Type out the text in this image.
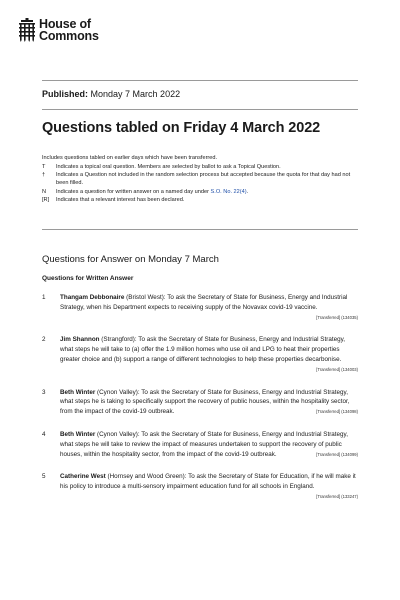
House of
Commons
Published: Monday 7 March 2022
Questions tabled on Friday 4 March 2022
Includes questions tabled on earlier days which have been transferred.
T	Indicates a topical oral question. Members are selected by ballot to ask a Topical Question.
†	Indicates a Question not included in the random selection process but accepted because the quota for that day had not been filled.
N	Indicates a question for written answer on a named day under S.O. No. 22(4).
[R]	Indicates that a relevant interest has been declared.
Questions for Answer on Monday 7 March
Questions for Written Answer
1	Thangam Debbonaire (Bristol West): To ask the Secretary of State for Business, Energy and Industrial Strategy, when his Department expects to receiving supply of the Novavax covid-19 vaccine.
[Transferred] (134035)
2	Jim Shannon (Strangford): To ask the Secretary of State for Business, Energy and Industrial Strategy, what steps he will take to (a) offer the 1.9 million homes who use oil and LPG to heat their properties greater choice and (b) support a range of different technologies to help these properties decarbonise.
[Transferred] (134003)
3	Beth Winter (Cynon Valley): To ask the Secretary of State for Business, Energy and Industrial Strategy, what steps he is taking to specifically support the recovery of public houses, within the hospitality sector, from the impact of the covid-19 outbreak.	[Transferred] (134098)
4	Beth Winter (Cynon Valley): To ask the Secretary of State for Business, Energy and Industrial Strategy, what steps he will take to review the impact of measures undertaken to support the recovery of public houses, within the hospitality sector, from the impact of the covid-19 outbreak.	[Transferred] (134099)
5	Catherine West (Hornsey and Wood Green): To ask the Secretary of State for Education, if he will make it his policy to introduce a multi-sensory impairment education fund for all schools in England.
[Transferred] (133247)
